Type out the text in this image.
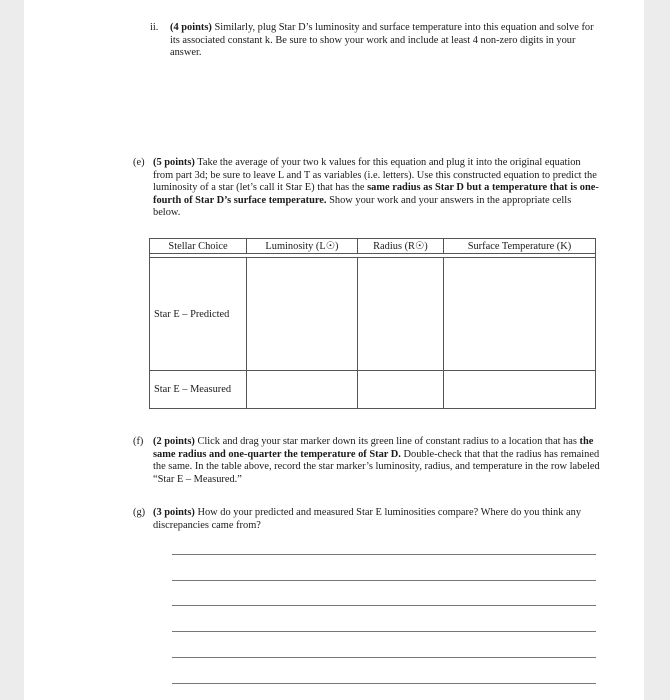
ii.	(4 points) Similarly, plug Star D’s luminosity and surface temperature into this equation and solve for its associated constant k. Be sure to show your work and include at least 4 non-zero digits in your answer.
(e) (5 points) Take the average of your two k values for this equation and plug it into the original equation from part 3d; be sure to leave L and T as variables (i.e. letters). Use this constructed equation to predict the luminosity of a star (let’s call it Star E) that has the same radius as Star D but a temperature that is one-fourth of Star D’s surface temperature. Show your work and your answers in the appropriate cells below.
Stellar Choice	Luminosity (L☉)	Radius (R☉)	Surface Temperature (K)

Star E – Predicted			
Star E – Measured			
(f) (2 points) Click and drag your star marker down its green line of constant radius to a location that has the same radius and one-quarter the temperature of Star D. Double-check that that the radius has remained the same. In the table above, record the star marker’s luminosity, radius, and temperature in the row labeled “Star E – Measured.”
(g) (3 points) How do your predicted and measured Star E luminosities compare? Where do you think any discrepancies came from?
